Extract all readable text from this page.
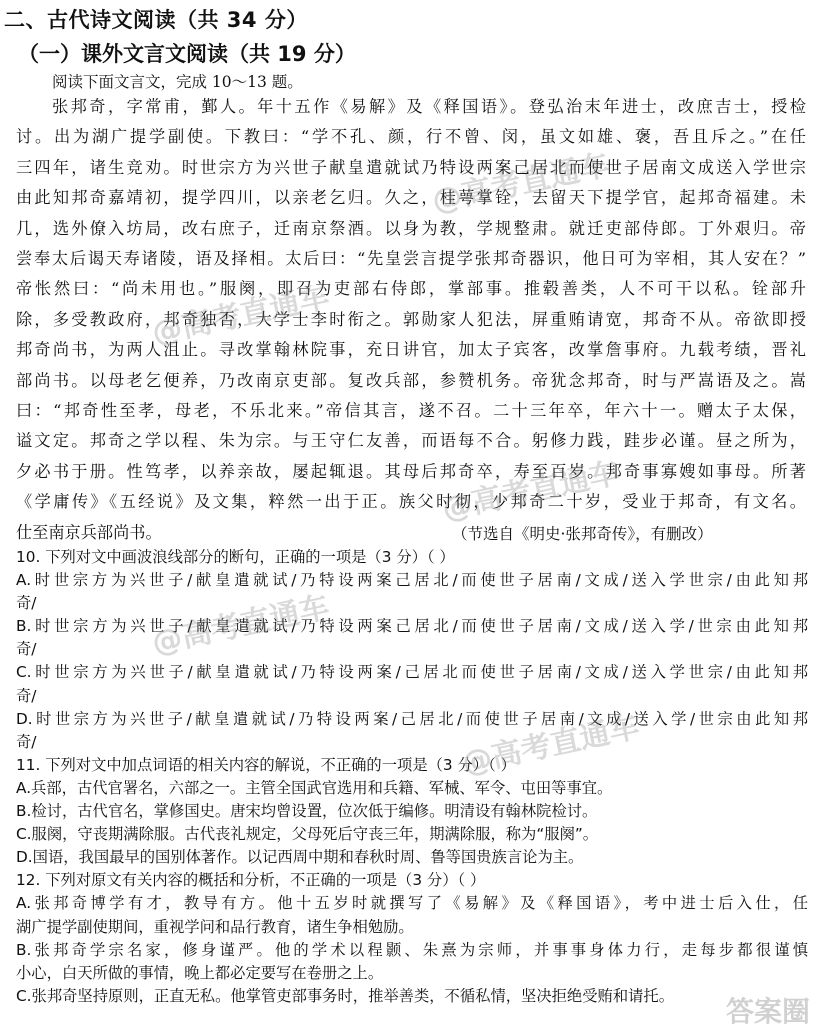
二、古代诗文阅读（共 34 分）
（一）课外文言文阅读（共 19 分）
阅读下面文言文，完成 10～13 题。
张邦奇，字常甫，鄞人。年十五作《易解》及《释国语》。登弘治末年进士，改庶吉士，授检
讨。出为湖广提学副使。下教曰：“学不孔、颜，行不曾、闵，虽文如雄、褒，吾且斥之。”在任
三四年，诸生竞劝。时世宗方为兴世子献皇遣就试乃特设两案己居北而使世子居南文成送入学世宗
由此知邦奇嘉靖初，提学四川，以亲老乞归。久之，桂萼掌铨，去留天下提学官，起邦奇福建。未
几，选外僚入坊局，改右庶子，迁南京祭酒。以身为教，学规整肃。就迁吏部侍郎。丁外艰归。帝
尝奉太后谒天寿诸陵，语及择相。太后曰：“先皇尝言提学张邦奇器识，他日可为宰相，其人安在？”
帝怅然曰：“尚未用也。”服阕，即召为吏部右侍郎，掌部事。推毂善类，人不可干以私。铨部升
除，多受教政府，邦奇独否，大学士李时衔之。郭勋家人犯法，屏重贿请宽，邦奇不从。帝欲即授
邦奇尚书，为两人沮止。寻改掌翰林院事，充日讲官，加太子宾客，改掌詹事府。九载考绩，晋礼
部尚书。以母老乞便养，乃改南京吏部。复改兵部，参赞机务。帝犹念邦奇，时与严嵩语及之。嵩
曰：“邦奇性至孝，母老，不乐北来。”帝信其言，遂不召。二十三年卒，年六十一。赠太子太保，
谥文定。邦奇之学以程、朱为宗。与王守仁友善，而语每不合。躬修力践，跬步必谨。昼之所为，
夕必书于册。性笃孝，以养亲故，屡起辄退。其母后邦奇卒，寿至百岁。邦奇事寡嫂如事母。所著
《学庸传》《五经说》及文集，粹然一出于正。族父时彻，少邦奇二十岁，受业于邦奇，有文名。
仕至南京兵部尚书。	（节选自《明史·张邦奇传》，有删改）
10. 下列对文中画波浪线部分的断句，正确的一项是（3 分）（ ）
A.时世宗方为兴世子/献皇遣就试/乃特设两案己居北/而使世子居南/文成/送入学世宗/由此知邦
奇/
B.时世宗方为兴世子/献皇遣就试/乃特设两案己居北/而使世子居南/文成/送入学/世宗由此知邦
奇/
C.时世宗方为兴世子/献皇遣就试/乃特设两案/己居北而使世子居南/文成/送入学世宗/由此知邦
奇/
D.时世宗方为兴世子/献皇遣就试/乃特设两案/己居北/而使世子居南/文成/送入学/世宗由此知邦
奇/
11. 下列对文中加点词语的相关内容的解说，不正确的一项是（3 分）（ ）
A.兵部，古代官署名，六部之一。主管全国武官选用和兵籍、军械、军令、屯田等事宜。
B.检讨，古代官名，掌修国史。唐宋均曾设置，位次低于编修。明清设有翰林院检讨。
C.服阕，守丧期满除服。古代丧礼规定，父母死后守丧三年，期满除服，称为“服阕”。
D.国语，我国最早的国别体著作。以记西周中期和春秋时周、鲁等国贵族言论为主。
12. 下列对原文有关内容的概括和分析，不正确的一项是（3 分）（ ）
A.张邦奇博学有才，教导有方。他十五岁时就撰写了《易解》及《释国语》，考中进士后入仕，任
湖广提学副使期间，重视学问和品行教育，诸生争相勉励。
B.张邦奇学宗名家，修身谨严。他的学术以程颢、朱熹为宗师，并事事身体力行，走每步都很谨慎
小心，白天所做的事情，晚上都必定要写在卷册之上。
C.张邦奇坚持原则，正直无私。他掌管吏部事务时，推举善类，不循私情，坚决拒绝受贿和请托。
@高考直通车
@高考直通车
@高考直通车
@高考直通车
@高考直通车
答案圈
